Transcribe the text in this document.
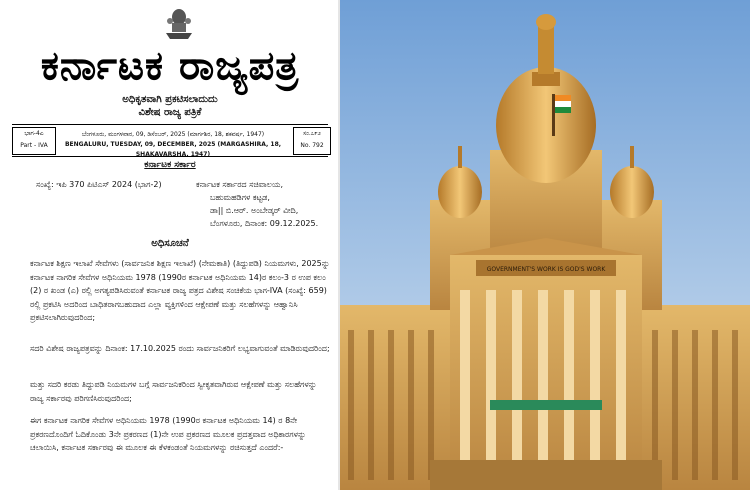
ಕರ್ನಾಟಕ ರಾಜ್ಯಪತ್ರ
ಅಧಿಕೃತವಾಗಿ ಪ್ರಕಟಿಸಲಾದುದು
ವಿಶೇಷ ರಾಜ್ಯ ಪತ್ರಿಕೆ
ಭಾಗ-4ಎ
Part - IVA
ಬೆಂಗಳೂರು, ಮಂಗಳವಾರ, 09, ಡಿಸೆಂಬರ್, 2025 (ಮಾರ್ಗಶಿರ, 18, ಶಕವರ್ಷ, 1947)
BENGALURU, TUESDAY, 09, DECEMBER, 2025 (MARGASHIRA, 18, SHAKAVARSHA, 1947)
ಸಂ.೭೯೨
No. 792
ಕರ್ನಾಟಕ ಸರ್ಕಾರ
ಸಂಖ್ಯೆ: ಇಪಿ 370 ಪಿಟಿಎಸ್ 2024 (ಭಾಗ-2)	ಕರ್ನಾಟಕ ಸರ್ಕಾರದ ಸಚಿವಾಲಯ,
ಬಹುಮಹಡಿಗಳ ಕಟ್ಟಡ,
ಡಾ|| ಬಿ.ಆರ್. ಅಂಬೇಡ್ಕರ್ ವೀದಿ,
ಬೆಂಗಳೂರು, ದಿನಾಂಕ: 09.12.2025.
ಅಧಿಸೂಚನೆ
ಕರ್ನಾಟಕ ಶಿಕ್ಷಣ ಇಲಾಖೆ ಸೇವೆಗಳು (ಸಾರ್ವಜನಿಕ ಶಿಕ್ಷಣ ಇಲಾಖೆ) (ನೇಮಕಾತಿ) (ತಿದ್ದುಪಡಿ) ನಿಯಮಗಳು, 2025ನ್ನು ಕರ್ನಾಟಕ ನಾಗರಿಕ ಸೇವೆಗಳ ಅಧಿನಿಯಮ 1978 (1990ರ ಕರ್ನಾಟಕ ಅಧಿನಿಯಮ 14)ರ ಕಲಂ-3 ರ ಉಪ ಕಲಂ (2) ರ ಖಂಡ (ಎ) ರಲ್ಲಿ ಅಗತ್ಯಪಡಿಸಿರುವಂತೆ ಕರ್ನಾಟಕ ರಾಜ್ಯ ಪತ್ರದ ವಿಶೇಷ ಸಂಚಿಕೆಯ ಭಾಗ-IVA (ಸಂಖ್ಯೆ: 659) ರಲ್ಲಿ ಪ್ರಕಟಿಸಿ ಅದರಿಂದ ಬಾಧಿತರಾಗಬಹುದಾದ ಎಲ್ಲಾ ವ್ಯಕ್ತಿಗಳಿಂದ ಆಕ್ಷೇಪಣೆ ಮತ್ತು ಸಲಹೆಗಳನ್ನು ಆಹ್ವಾನಿಸಿ ಪ್ರಕಟಿಸಲಾಗಿರುವುದರಿಂದ;
ಸದರಿ ವಿಶೇಷ ರಾಜ್ಯಪತ್ರವನ್ನು ದಿನಾಂಕ: 17.10.2025 ರಂದು ಸಾರ್ವಜನಿಕರಿಗೆ ಲಭ್ಯವಾಗುವಂತೆ ಮಾಡಿರುವುದರಿಂದ;
ಮತ್ತು ಸದರಿ ಕರಡು ತಿದ್ದುಪಡಿ ನಿಯಮಗಳ ಬಗ್ಗೆ ಸಾರ್ವಜನಿಕರಿಂದ ಸ್ವೀಕೃತವಾಗಿರುವ ಆಕ್ಷೇಪಣೆ ಮತ್ತು ಸಲಹೆಗಳನ್ನು ರಾಜ್ಯ ಸರ್ಕಾರವು ಪರಿಗಣಿಸಿರುವುದರಿಂದ;
ಈಗ ಕರ್ನಾಟಕ ನಾಗರಿಕ ಸೇವೆಗಳ ಅಧಿನಿಯಮ 1978 (1990ರ ಕರ್ನಾಟಕ ಅಧಿನಿಯಮ 14) ರ 8ನೇ ಪ್ರಕರಣದೊಂದಿಗೆ ಓದಿಕೊಂಡು 3ನೇ ಪ್ರಕರಣದ (1)ನೇ ಉಪ ಪ್ರಕರಣದ ಮೂಲಕ ಪ್ರದತ್ತವಾದ ಅಧಿಕಾರಗಳನ್ನು ಚಲಾಯಿಸಿ, ಕರ್ನಾಟಕ ಸರ್ಕಾರವು ಈ ಮೂಲಕ ಈ ಕೆಳಕಂಡಂತೆ ನಿಯಮಗಳನ್ನು ರಚಿಸುತ್ತದೆ ಎಂದರೆ:-
GOVERNMENT'S WORK IS GOD'S WORK
